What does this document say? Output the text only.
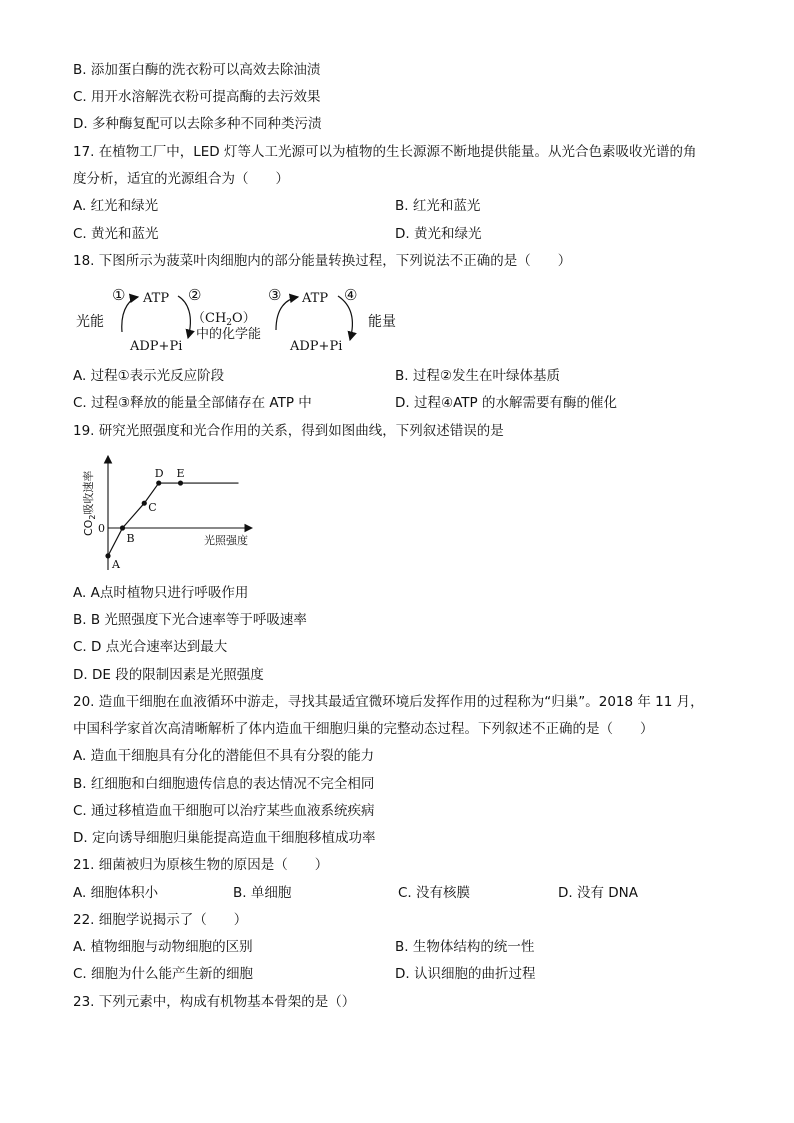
B. 添加蛋白酶的洗衣粉可以高效去除油渍
C. 用开水溶解洗衣粉可提高酶的去污效果
D. 多种酶复配可以去除多种不同种类污渍
17. 在植物工厂中，LED 灯等人工光源可以为植物的生长源源不断地提供能量。从光合色素吸收光谱的角
度分析，适宜的光源组合为（　　）
A. 红光和绿光	B. 红光和蓝光
C. 黄光和蓝光	D. 黄光和绿光
18. 下图所示为菠菜叶肉细胞内的部分能量转换过程，下列说法不正确的是（　　）
光能
① ATP ②
ADP+Pi
$(CH_2O)$
中的化学能
③ ATP ④
ADP+Pi
能量
A. 过程①表示光反应阶段	B. 过程②发生在叶绿体基质
C. 过程③释放的能量全部储存在 ATP 中	D. 过程④ATP 的水解需要有酶的催化
19. 研究光照强度和光合作用的关系，得到如图曲线，下列叙述错误的是
$CO_2$吸收速率
0
光照强度
A
B
C
D E
A. A点时植物只进行呼吸作用
B. B 光照强度下光合速率等于呼吸速率
C. D 点光合速率达到最大
D. DE 段的限制因素是光照强度
20. 造血干细胞在血液循环中游走，寻找其最适宜微环境后发挥作用的过程称为“归巢”。2018 年 11 月，
中国科学家首次高清晰解析了体内造血干细胞归巢的完整动态过程。下列叙述不正确的是（　　）
A. 造血干细胞具有分化的潜能但不具有分裂的能力
B. 红细胞和白细胞遗传信息的表达情况不完全相同
C. 通过移植造血干细胞可以治疗某些血液系统疾病
D. 定向诱导细胞归巢能提高造血干细胞移植成功率
21. 细菌被归为原核生物的原因是（　　）
A. 细胞体积小	B. 单细胞	C. 没有核膜	D. 没有 DNA
22. 细胞学说揭示了（　　）
A. 植物细胞与动物细胞的区别	B. 生物体结构的统一性
C. 细胞为什么能产生新的细胞	D. 认识细胞的曲折过程
23. 下列元素中，构成有机物基本骨架的是（）
